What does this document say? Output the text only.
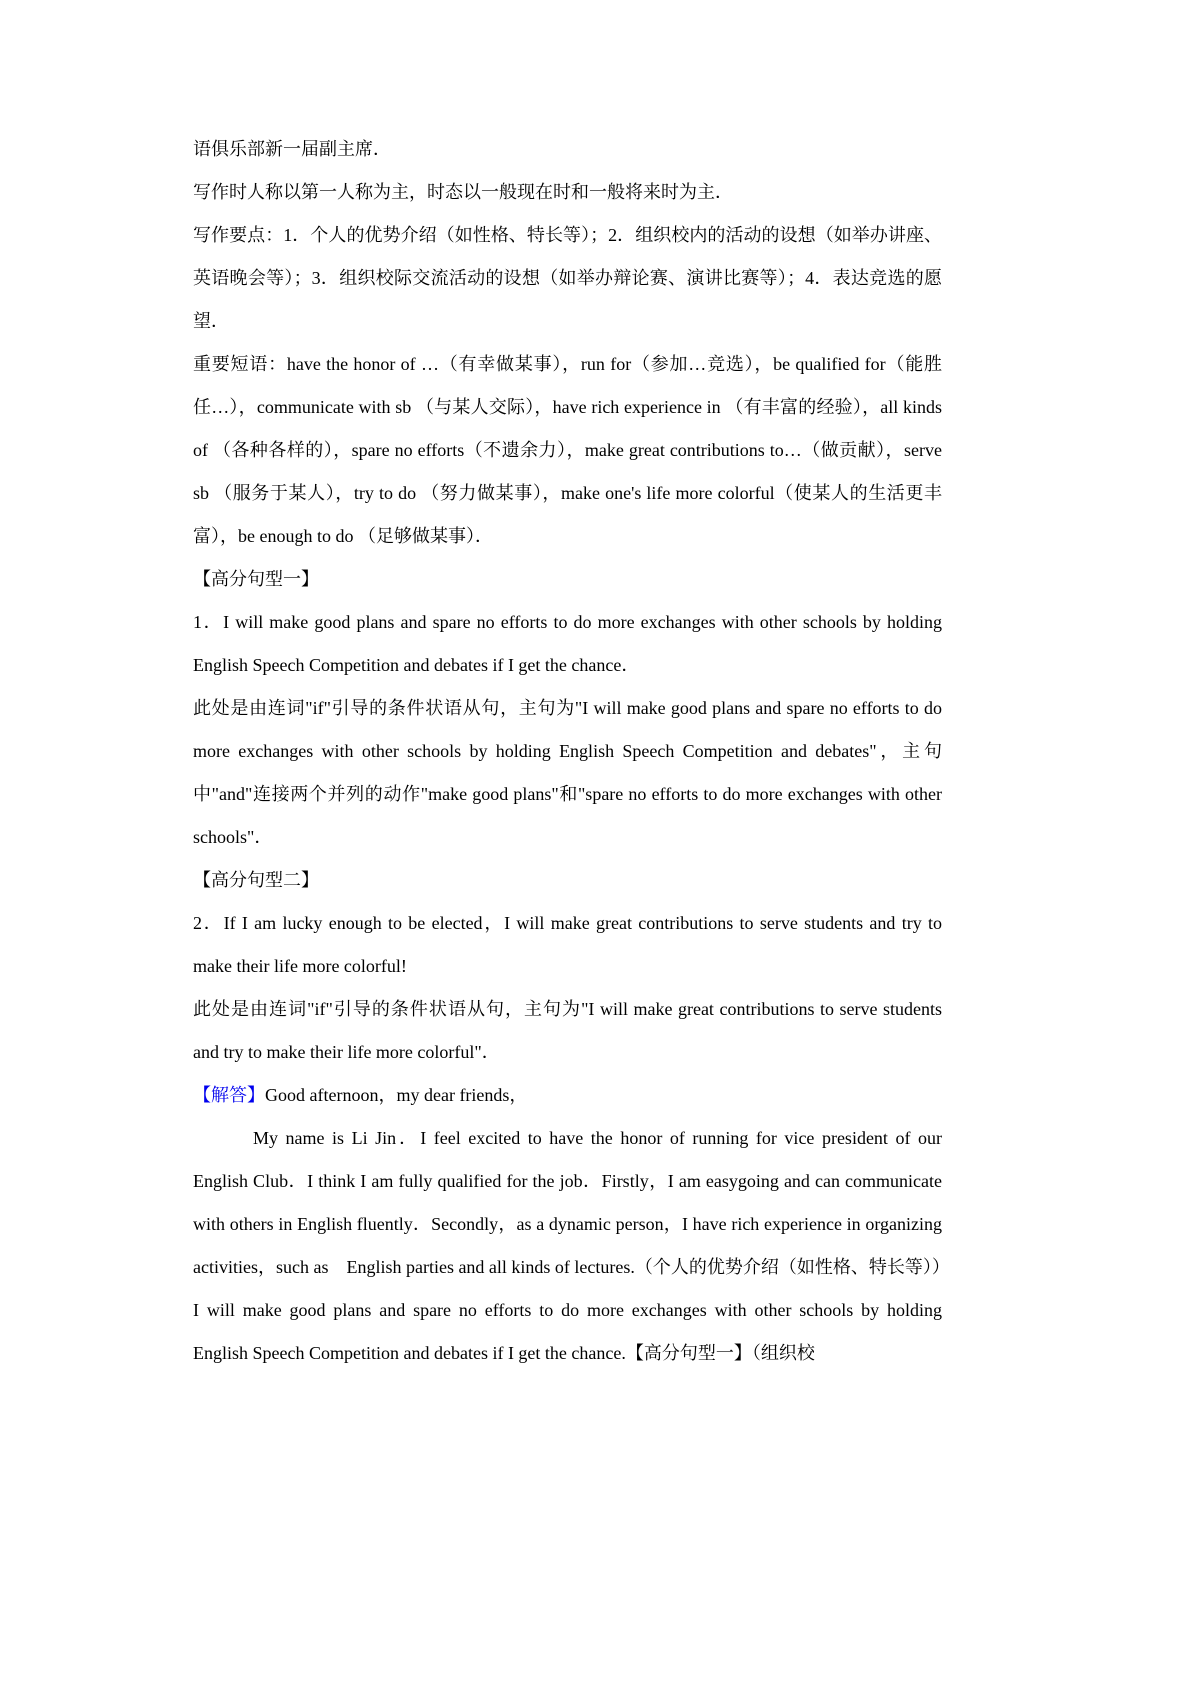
语俱乐部新一届副主席．

写作时人称以第一人称为主，时态以一般现在时和一般将来时为主．

写作要点：1．个人的优势介绍（如性格、特长等）；2．组织校内的活动的设想（如举办讲座、英语晚会等）；3．组织校际交流活动的设想（如举办辩论赛、演讲比赛等）；4．表达竞选的愿望．

重要短语：have the honor of …（有幸做某事），run for（参加…竞选），be qualified for（能胜任…），communicate with sb （与某人交际），have rich experience in （有丰富的经验），all kinds of （各种各样的），spare no efforts（不遗余力），make great contributions to…（做贡献），serve sb （服务于某人），try to do （努力做某事），make one's life more colorful（使某人的生活更丰富），be enough to do （足够做某事）．

【高分句型一】

1．I will make good plans and spare no efforts to do more exchanges with other schools by holding English Speech Competition and debates if I get the chance．

此处是由连词"if"引导的条件状语从句，主句为"I will make good plans and spare no efforts to do more exchanges with other schools by holding English Speech Competition and debates"，主句中"and"连接两个并列的动作"make good plans"和"spare no efforts to do more exchanges with other schools"．

【高分句型二】

2．If I am lucky enough to be elected，I will make great contributions to serve students and try to make their life more colorful!

此处是由连词"if"引导的条件状语从句，主句为"I will make great contributions to serve students and try to make their life more colorful"．

【解答】Good afternoon，my dear friends，

My name is Li Jin．I feel excited to have the honor of running for vice president of our English Club．I think I am fully qualified for the job．Firstly，I am easygoing and can communicate with others in English fluently．Secondly，as a dynamic person，I have rich experience in organizing activities，such as　English parties and all kinds of lectures.（个人的优势介绍（如性格、特长等））

I will make good plans and spare no efforts to do more exchanges with other schools by holding English Speech Competition and debates if I get the chance.【高分句型一】（组织校
